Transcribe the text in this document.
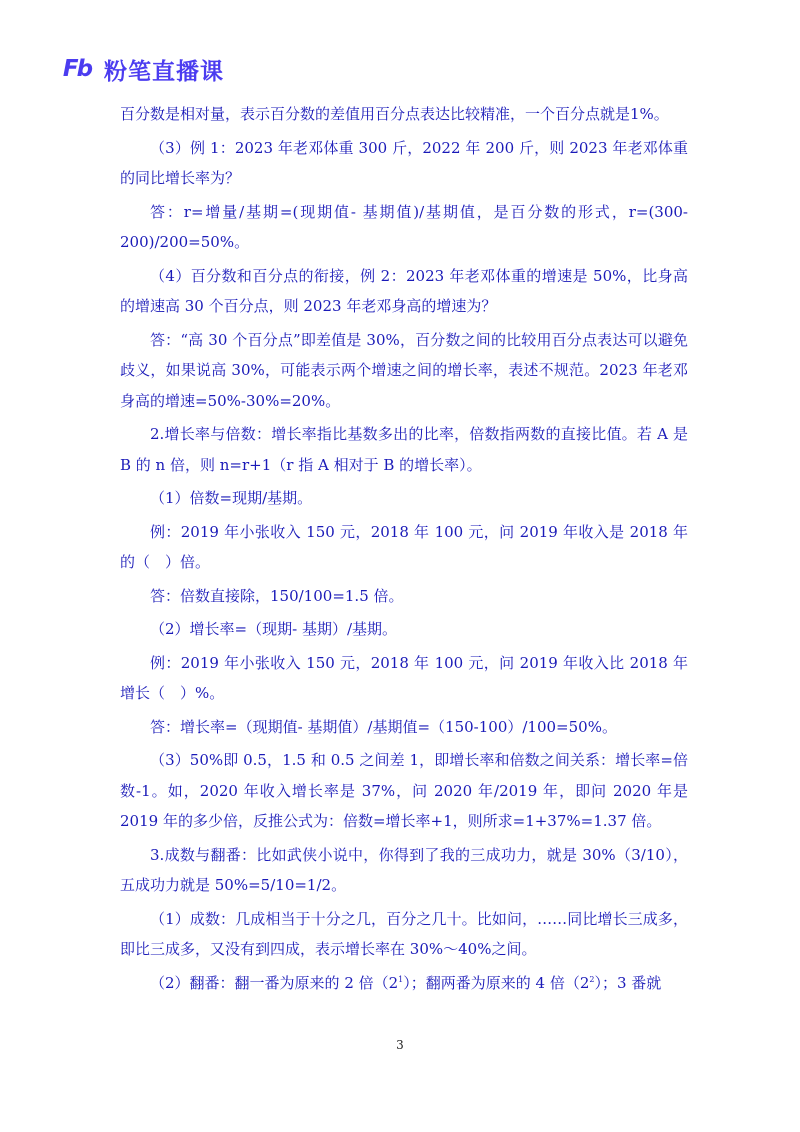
Fb 粉笔直播课

百分数是相对量，表示百分数的差值用百分点表达比较精准，一个百分点就是1%。

（3）例 1：2023 年老邓体重 300 斤，2022 年 200 斤，则 2023 年老邓体重的同比增长率为？

答：r=增量/基期=(现期值- 基期值)/基期值，是百分数的形式，r=(300-200)/200=50%。

（4）百分数和百分点的衔接，例 2：2023 年老邓体重的增速是 50%，比身高的增速高 30 个百分点，则 2023 年老邓身高的增速为？

答：“高 30 个百分点”即差值是 30%，百分数之间的比较用百分点表达可以避免歧义，如果说高 30%，可能表示两个增速之间的增长率，表述不规范。2023 年老邓身高的增速=50%-30%=20%。

2.增长率与倍数：增长率指比基数多出的比率，倍数指两数的直接比值。若 A 是 B 的 n 倍，则 n=r+1（r 指 A 相对于 B 的增长率）。

（1）倍数=现期/基期。

例：2019 年小张收入 150 元，2018 年 100 元，问 2019 年收入是 2018 年的（　）倍。

答：倍数直接除，150/100=1.5 倍。

（2）增长率=（现期- 基期）/基期。

例：2019 年小张收入 150 元，2018 年 100 元，问 2019 年收入比 2018 年增长（　）%。

答：增长率=（现期值- 基期值）/基期值=（150-100）/100=50%。

（3）50%即 0.5，1.5 和 0.5 之间差 1，即增长率和倍数之间关系：增长率=倍数-1。如，2020 年收入增长率是 37%，问 2020 年/2019 年，即问 2020 年是 2019 年的多少倍，反推公式为：倍数=增长率+1，则所求=1+37%=1.37 倍。

3.成数与翻番：比如武侠小说中，你得到了我的三成功力，就是 30%（3/10），五成功力就是 50%=5/10=1/2。

（1）成数：几成相当于十分之几，百分之几十。比如问，……同比增长三成多，即比三成多，又没有到四成，表示增长率在 30%～40%之间。

（2）翻番：翻一番为原来的 2 倍$(2^1)$；翻两番为原来的 4 倍$(2^2)$；3 番就

3
